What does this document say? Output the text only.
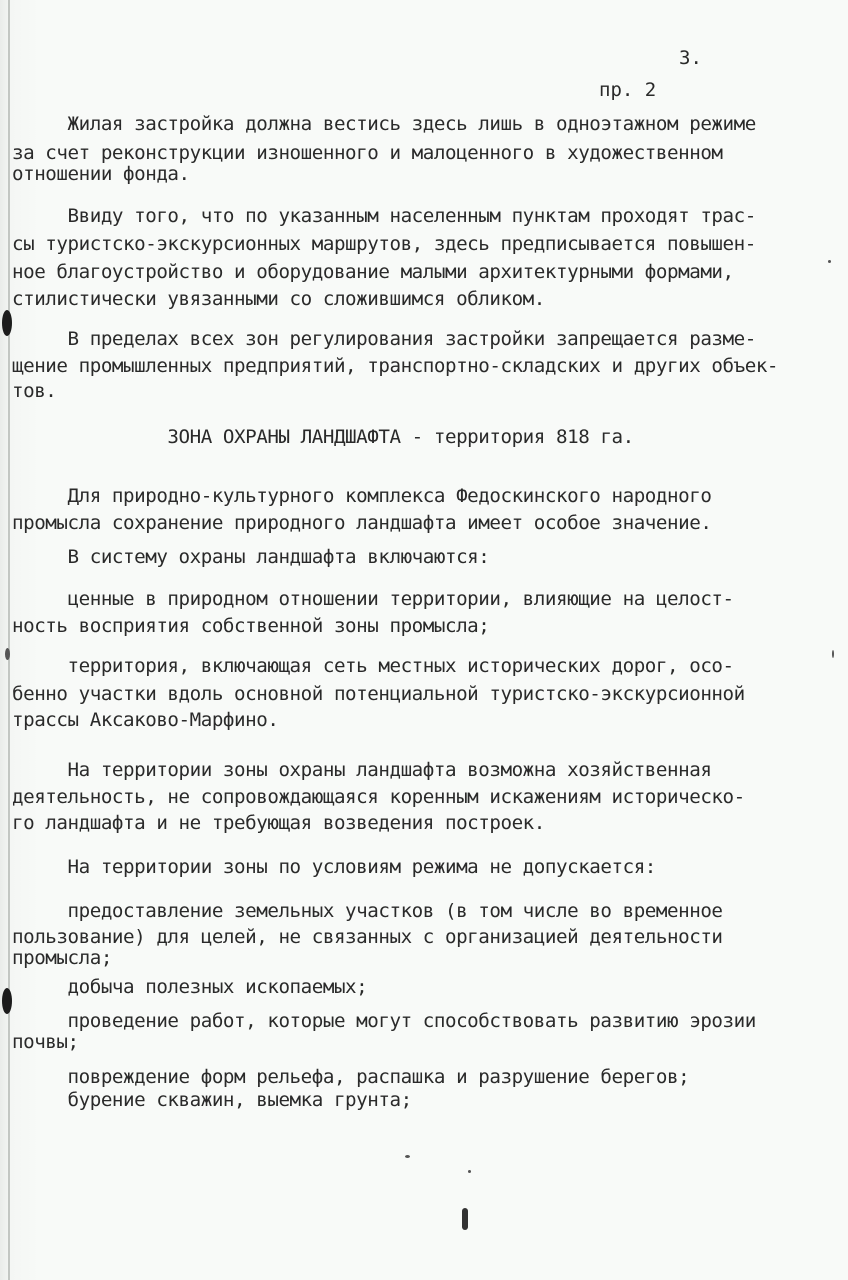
3.
пр. 2
Жилая застройка должна вестись здесь лишь в одноэтажном режиме
за счет реконструкции изношенного и малоценного в художественном
отношении фонда.
Ввиду того, что по указанным населенным пунктам проходят трас-
сы туристско-экскурсионных маршрутов, здесь предписывается повышен-
ное благоустройство и оборудование малыми архитектурными формами,
стилистически увязанными со сложившимся обликом.
В пределах всех зон регулирования застройки запрещается разме-
щение промышленных предприятий, транспортно-складских и других объек-
тов.
ЗОНА ОХРАНЫ ЛАНДШАФТА - территория 818 га.
Для природно-культурного комплекса Федоскинского народного
промысла сохранение природного ландшафта имеет особое значение.
В систему охраны ландшафта включаются:
ценные в природном отношении территории, влияющие на целост-
ность восприятия собственной зоны промысла;
территория, включающая сеть местных исторических дорог, осо-
бенно участки вдоль основной потенциальной туристско-экскурсионной
трассы Аксаково-Марфино.
На территории зоны охраны ландшафта возможна хозяйственная
деятельность, не сопровождающаяся коренным искажениям историческо-
го ландшафта и не требующая возведения построек.
На территории зоны по условиям режима не допускается:
предоставление земельных участков (в том числе во временное
пользование) для целей, не связанных с организацией деятельности
промысла;
добыча полезных ископаемых;
проведение работ, которые могут способствовать развитию эрозии
почвы;
повреждение форм рельефа, распашка и разрушение берегов;
бурение скважин, выемка грунта;
